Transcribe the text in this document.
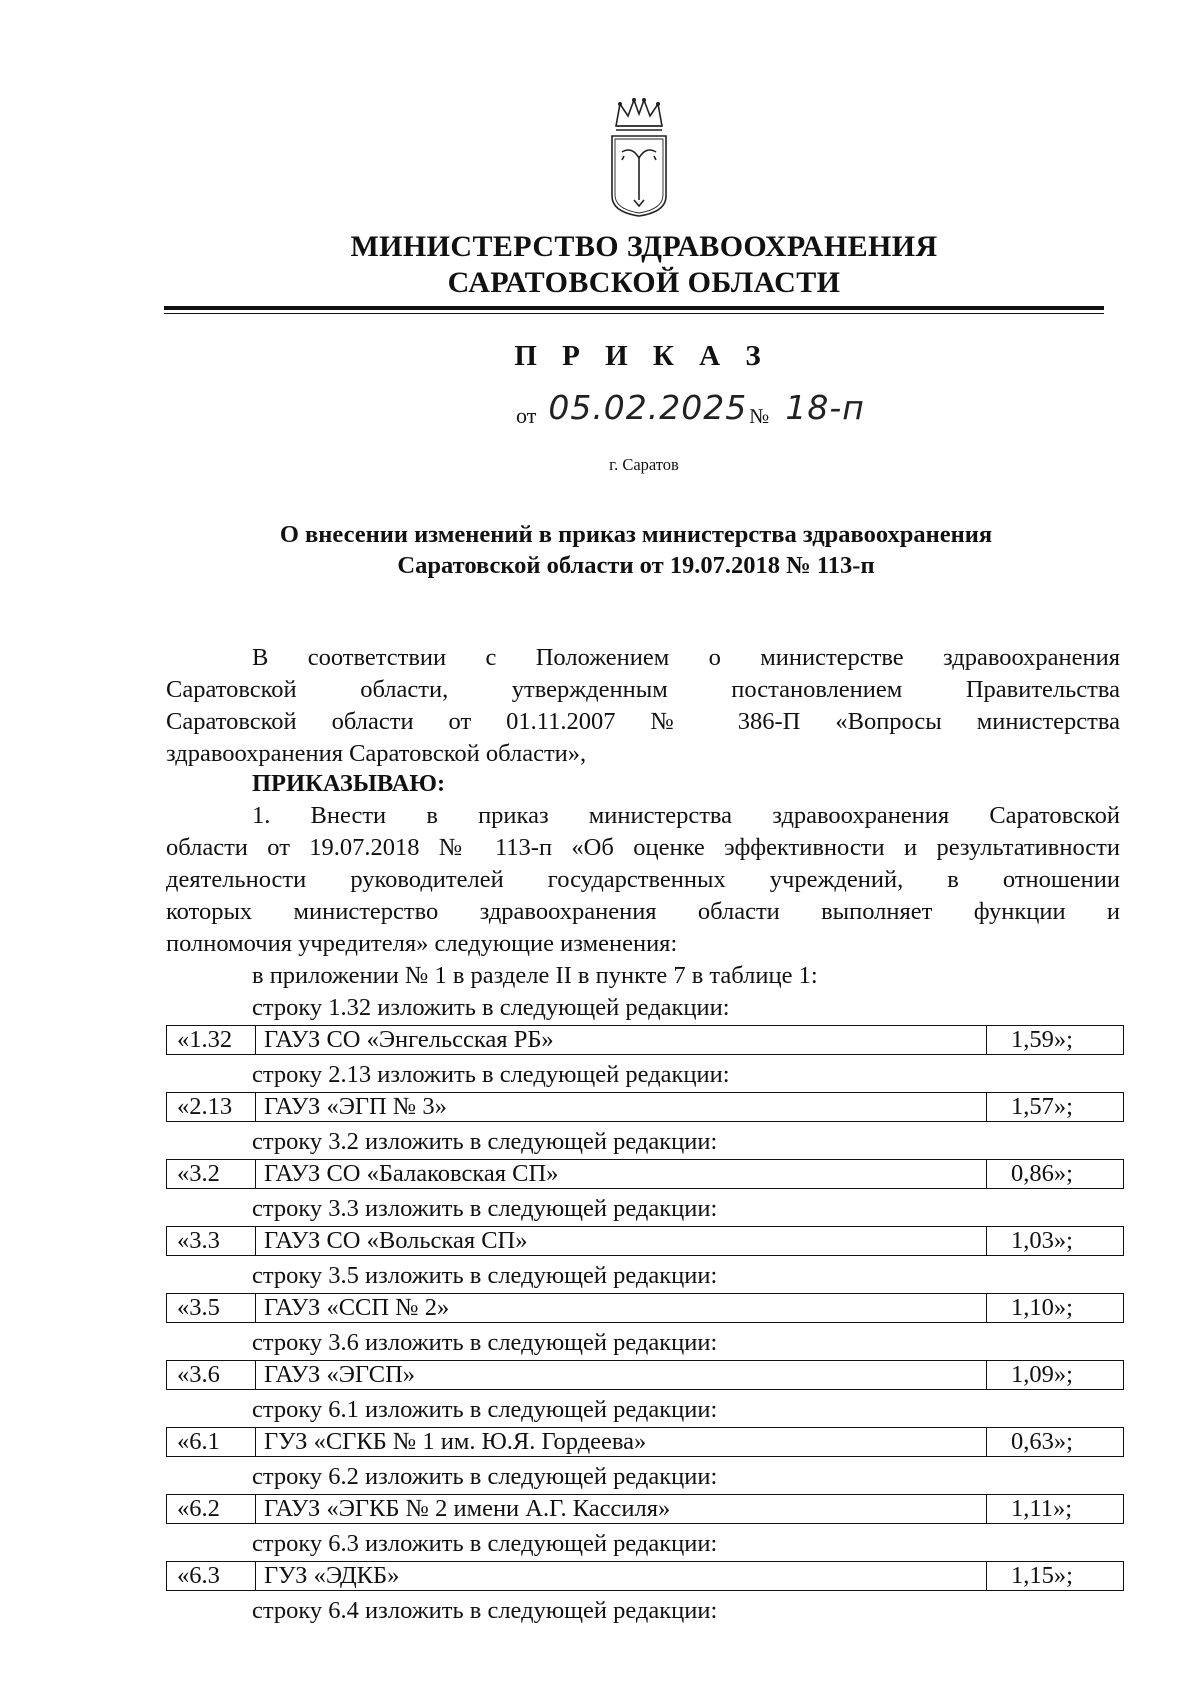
МИНИСТЕРСТВО ЗДРАВООХРАНЕНИЯ
САРАТОВСКОЙ ОБЛАСТИ
П Р И К А З
от 05.02.2025№ 18-п
г. Саратов
О внесении изменений в приказ министерства здравоохранения
Саратовской области от 19.07.2018 № 113-п
В соответствии с Положением о министерстве здравоохранения
Саратовской области, утвержденным постановлением Правительства
Саратовской области от 01.11.2007 № 386-П «Вопросы министерства
здравоохранения Саратовской области»,
ПРИКАЗЫВАЮ:
1. Внести в приказ министерства здравоохранения Саратовской
области от 19.07.2018 № 113-п «Об оценке эффективности и результативности
деятельности руководителей государственных учреждений, в отношении
которых министерство здравоохранения области выполняет функции и
полномочия учредителя» следующие изменения:
в приложении № 1 в разделе II в пункте 7 в таблице 1:
строку 1.32 изложить в следующей редакции:
«1.32	ГАУЗ СО «Энгельсская РБ»	1,59»;
строку 2.13 изложить в следующей редакции:
«2.13	ГАУЗ «ЭГП № 3»	1,57»;
строку 3.2 изложить в следующей редакции:
«3.2	ГАУЗ СО «Балаковская СП»	0,86»;
строку 3.3 изложить в следующей редакции:
«3.3	ГАУЗ СО «Вольская СП»	1,03»;
строку 3.5 изложить в следующей редакции:
«3.5	ГАУЗ «ССП № 2»	1,10»;
строку 3.6 изложить в следующей редакции:
«3.6	ГАУЗ «ЭГСП»	1,09»;
строку 6.1 изложить в следующей редакции:
«6.1	ГУЗ «СГКБ № 1 им. Ю.Я. Гордеева»	0,63»;
строку 6.2 изложить в следующей редакции:
«6.2	ГАУЗ «ЭГКБ № 2 имени А.Г. Кассиля»	1,11»;
строку 6.3 изложить в следующей редакции:
«6.3	ГУЗ «ЭДКБ»	1,15»;
строку 6.4 изложить в следующей редакции:
